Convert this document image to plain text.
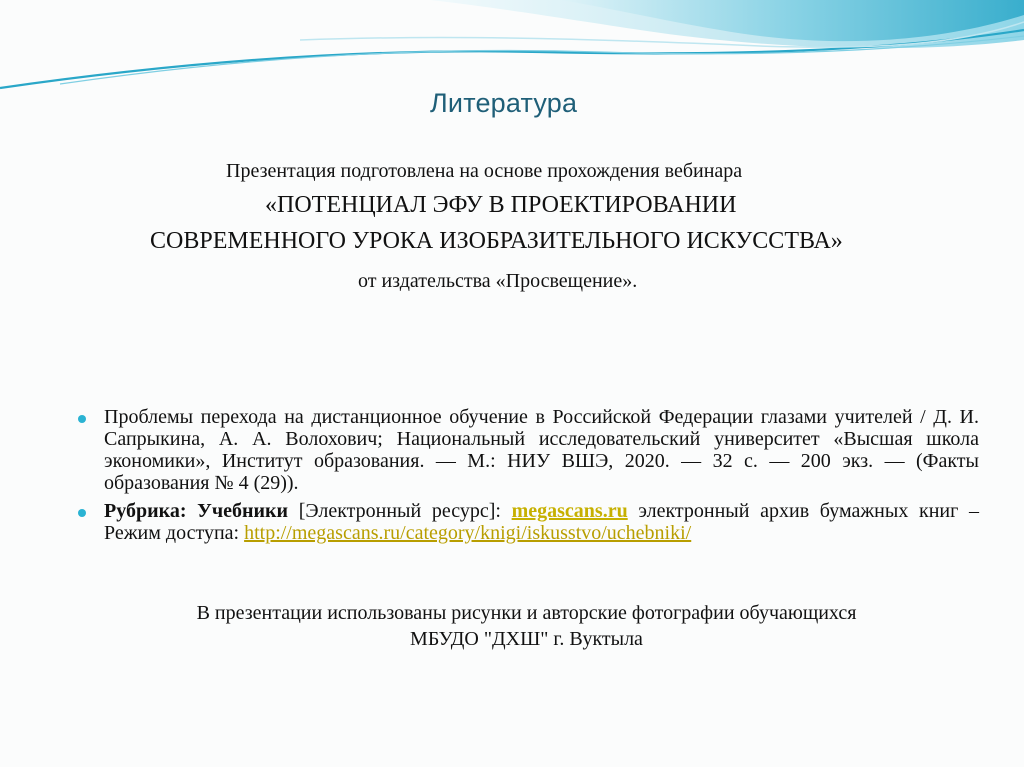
Литература
Презентация подготовлена на основе прохождения вебинара
«ПОТЕНЦИАЛ ЭФУ В ПРОЕКТИРОВАНИИ
СОВРЕМЕННОГО УРОКА ИЗОБРАЗИТЕЛЬНОГО ИСКУССТВА»
от издательства «Просвещение».
Проблемы перехода на дистанционное обучение в Российской Федерации глазами учителей / Д. И. Сапрыкина, А. А. Волохович; Национальный исследовательский университет «Высшая школа экономики», Институт образования. — М.: НИУ ВШЭ, 2020. — 32 с. — 200 экз. — (Факты образования № 4 (29)).
Рубрика: Учебники [Электронный ресурс]: megascans.ru электронный архив бумажных книг – Режим доступа: http://megascans.ru/category/knigi/iskusstvo/uchebniki/
В презентации использованы рисунки и авторские фотографии обучающихся
МБУДО "ДХШ" г. Вуктыла
